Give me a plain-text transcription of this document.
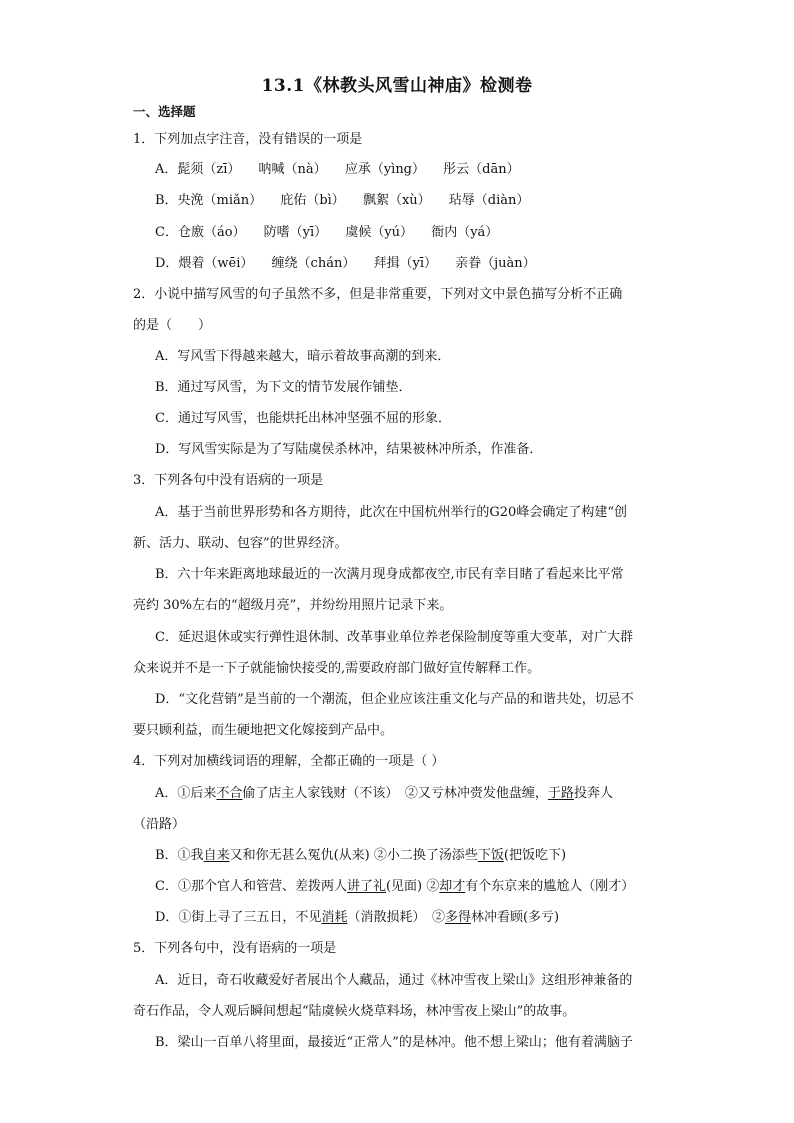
13.1《林教头风雪山神庙》检测卷
一、选择题
1．下列加点字注音，没有错误的一项是
A．髭须（zī） 呐喊（nà） 应承（yìng） 彤云（dān）
B．央浼（miǎn） 庇佑（bì） 飘絮（xù） 玷辱（diàn）
C．仓廒（áo） 防嗜（yī） 虞候（yú） 衙内（yá）
D．煨着（wēi） 缠绕（chán） 拜揖（yī） 亲眷（juàn）
2．小说中描写风雪的句子虽然不多，但是非常重要，下列对文中景色描写分析不正确
的是（　　）
A．写风雪下得越来越大，暗示着故事高潮的到来．
B．通过写风雪，为下文的情节发展作铺垫．
C．通过写风雪，也能烘托出林冲坚强不屈的形象．
D．写风雪实际是为了写陆虞侯杀林冲，结果被林冲所杀，作准备．
3．下列各句中没有语病的一项是
A．基于当前世界形势和各方期待，此次在中国杭州举行的G20峰会确定了构建“创
新、活力、联动、包容”的世界经济。
B．六十年来距离地球最近的一次满月现身成都夜空,市民有幸目睹了看起来比平常
亮约 30%左右的“超级月亮”，并纷纷用照片记录下来。
C．延迟退休或实行弹性退休制、改革事业单位养老保险制度等重大变革，对广大群
众来说并不是一下子就能愉快接受的,需要政府部门做好宣传解释工作。
D．“文化营销”是当前的一个潮流，但企业应该注重文化与产品的和谐共处，切忌不
要只顾利益，而生硬地把文化嫁接到产品中。
4．下列对加横线词语的理解，全都正确的一项是（ ）
A．①后来不合偷了店主人家钱财（不该）　②又亏林冲赍发他盘缠，于路投奔人
（沿路）
B．①我自来又和你无甚么冤仇(从来) ②小二换了汤添些下饭(把饭吃下)
C．①那个官人和管营、差拨两人讲了礼(见面) ②却才有个东京来的尴尬人（刚才）
D．①街上寻了三五日，不见消耗（消散损耗）　②多得林冲看顾(多亏)
5．下列各句中，没有语病的一项是
A．近日，奇石收藏爱好者展出个人藏品，通过《林冲雪夜上梁山》这组形神兼备的
奇石作品，令人观后瞬间想起“陆虞候火烧草料场，林冲雪夜上梁山”的故事。
B．梁山一百单八将里面，最接近“正常人”的是林冲。他不想上梁山；他有着满脑子
